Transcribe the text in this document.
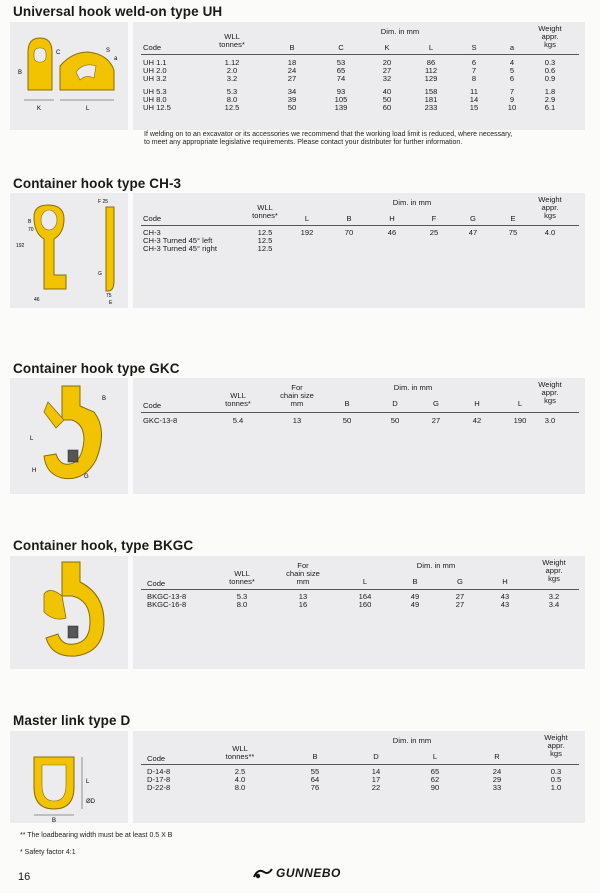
Universal hook weld-on type UH
K	L
C
B
S
a
Dim. in mm	Weight
appr.
kgs
WLL
tonnes*
Code	B	C	K	L	S	a
UH 1.1	1.12	18	53	20	86	6	4	0.3
UH 2.0	2.0	24	65	27	112	7	5	0.6
UH 3.2	3.2	27	74	32	129	8	6	0.9
UH 5.3	5.3	34	93	40	158	11	7	1.8
UH 8.0	8.0	39	105	50	181	14	9	2.9
UH 12.5	12.5	50	139	60	233	15	10	6.1
If welding on to an excavator or its accessories we recommend that the working load limit is reduced, where necessary,
to meet any appropriate legislative requirements. Please contact your distributer for further information.
Container hook type CH-3
F 25
B
70
192
46
G
75
E
Dim. in mm	Weight
appr.
kgs
WLL
tonnes*
Code	L	B	H	F	G	E
CH-3	12.5	192	70	46	25	47	75	4.0
CH-3 Turned 45° left	12.5
CH-3 Turned 45° right	12.5
Container hook type GKC
B
L
G
H
Dim. in mm	Weight
appr.
kgs
WLL
tonnes*
For
chain size
mm
Code	B	D	G	H	L
GKC-13-8	5.4	13	50	50	27	42	190 3.0
Container hook, type BKGC
Dim. in mm	Weight
appr.
kgs
WLL
tonnes*
For
chain size
mm
Code	L	B	G	H
BKGC-13-8	5.3	13	164	49	27	43	3.2
BKGC-16-8	8.0	16	160	49	27	43	3.4
Master link type D
L
B
ØD
Dim. in mm	Weight
appr.
kgs
WLL
tonnes**
Code	B	D	L	R
D-14-8	2.5	55	14	65	24	0.3
D-17-8	4.0	64	17	62	29	0.5
D-22-8	8.0	76	22	90	33	1.0
** The loadbearing width must be at least 0.5 X B
* Safety factor 4:1
16	GUNNEBO
